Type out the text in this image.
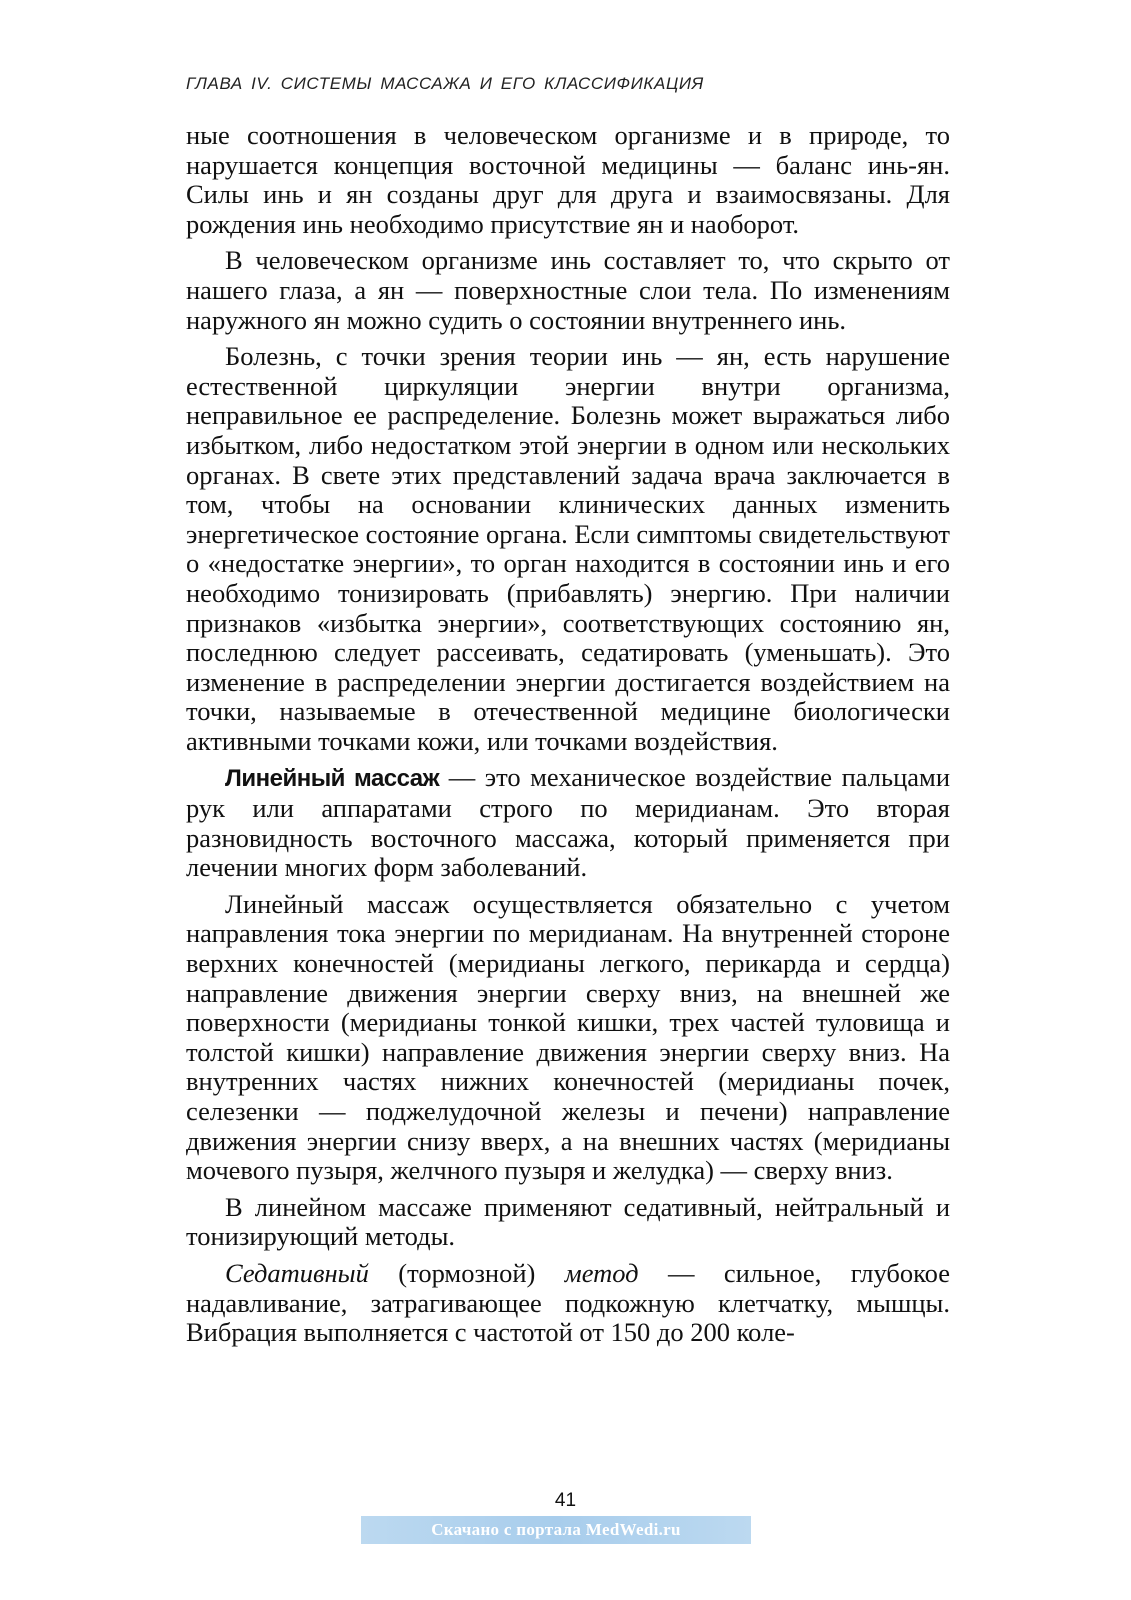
ГЛАВА IV. СИСТЕМЫ МАССАЖА И ЕГО КЛАССИФИКАЦИЯ

ные соотношения в человеческом организме и в природе, то нарушается концепция восточной медицины — баланс инь-ян. Силы инь и ян созданы друг для друга и взаимосвязаны. Для рождения инь необходимо присутствие ян и наоборот.

В человеческом организме инь составляет то, что скрыто от нашего глаза, а ян — поверхностные слои тела. По изменениям наружного ян можно судить о состоянии внутреннего инь.

Болезнь, с точки зрения теории инь — ян, есть нарушение естественной циркуляции энергии внутри организма, неправильное ее распределение. Болезнь может выражаться либо избытком, либо недостатком этой энергии в одном или нескольких органах. В свете этих представлений задача врача заключается в том, чтобы на основании клинических данных изменить энергетическое состояние органа. Если симптомы свидетельствуют о «недостатке энергии», то орган находится в состоянии инь и его необходимо тонизировать (прибавлять) энергию. При наличии признаков «избытка энергии», соответствующих состоянию ян, последнюю следует рассеивать, седатировать (уменьшать). Это изменение в распределении энергии достигается воздействием на точки, называемые в отечественной медицине биологически активными точками кожи, или точками воздействия.

Линейный массаж — это механическое воздействие пальцами рук или аппаратами строго по меридианам. Это вторая разновидность восточного массажа, который применяется при лечении многих форм заболеваний.

Линейный массаж осуществляется обязательно с учетом направления тока энергии по меридианам. На внутренней стороне верхних конечностей (меридианы легкого, перикарда и сердца) направление движения энергии сверху вниз, на внешней же поверхности (меридианы тонкой кишки, трех частей туловища и толстой кишки) направление движения энергии сверху вниз. На внутренних частях нижних конечностей (меридианы почек, селезенки — поджелудочной железы и печени) направление движения энергии снизу вверх, а на внешних частях (меридианы мочевого пузыря, желчного пузыря и желудка) — сверху вниз.

В линейном массаже применяют седативный, нейтральный и тонизирующий методы.

Седативный (тормозной) метод — сильное, глубокое надавливание, затрагивающее подкожную клетчатку, мышцы. Вибрация выполняется с частотой от 150 до 200 коле-

41
Скачано с портала MedWedi.ru
